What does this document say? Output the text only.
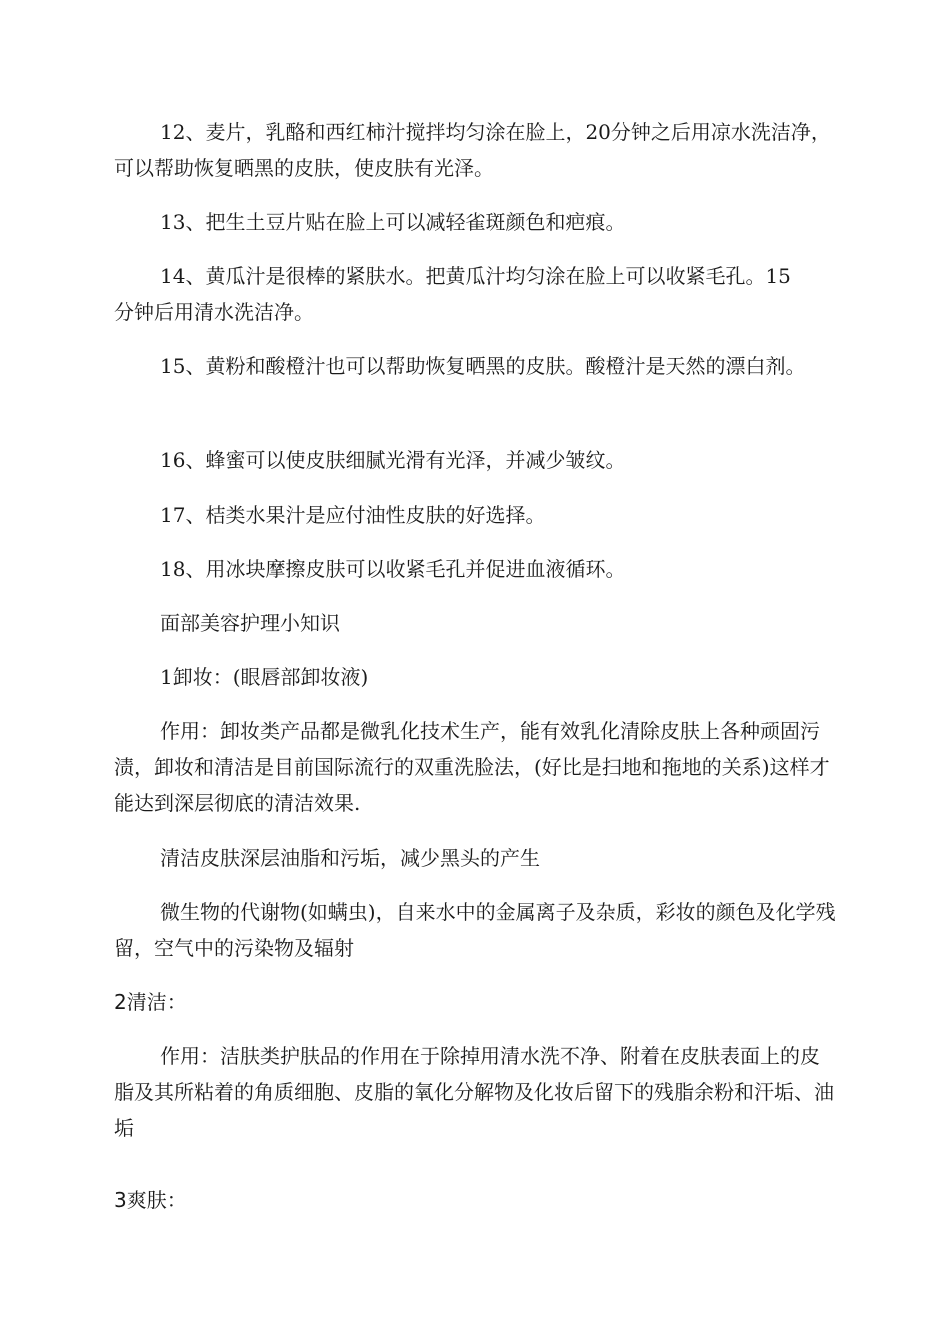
12、麦片，乳酪和西红柿汁搅拌均匀涂在脸上，20分钟之后用凉水洗洁净，可以帮助恢复晒黑的皮肤，使皮肤有光泽。

13、把生土豆片贴在脸上可以减轻雀斑颜色和疤痕。

14、黄瓜汁是很棒的紧肤水。把黄瓜汁均匀涂在脸上可以收紧毛孔。15分钟后用清水洗洁净。

15、黄粉和酸橙汁也可以帮助恢复晒黑的皮肤。酸橙汁是天然的漂白剂。

16、蜂蜜可以使皮肤细腻光滑有光泽，并减少皱纹。

17、桔类水果汁是应付油性皮肤的好选择。

18、用冰块摩擦皮肤可以收紧毛孔并促进血液循环。

面部美容护理小知识

1卸妆：(眼唇部卸妆液)

作用：卸妆类产品都是微乳化技术生产，能有效乳化清除皮肤上各种顽固污渍，卸妆和清洁是目前国际流行的双重洗脸法，(好比是扫地和拖地的关系)这样才能达到深层彻底的清洁效果.

清洁皮肤深层油脂和污垢，减少黑头的产生

微生物的代谢物(如螨虫)，自来水中的金属离子及杂质，彩妆的颜色及化学残留，空气中的污染物及辐射

2清洁：

作用：洁肤类护肤品的作用在于除掉用清水洗不净、附着在皮肤表面上的皮脂及其所粘着的角质细胞、皮脂的氧化分解物及化妆后留下的残脂余粉和汗垢、油垢

3爽肤：
